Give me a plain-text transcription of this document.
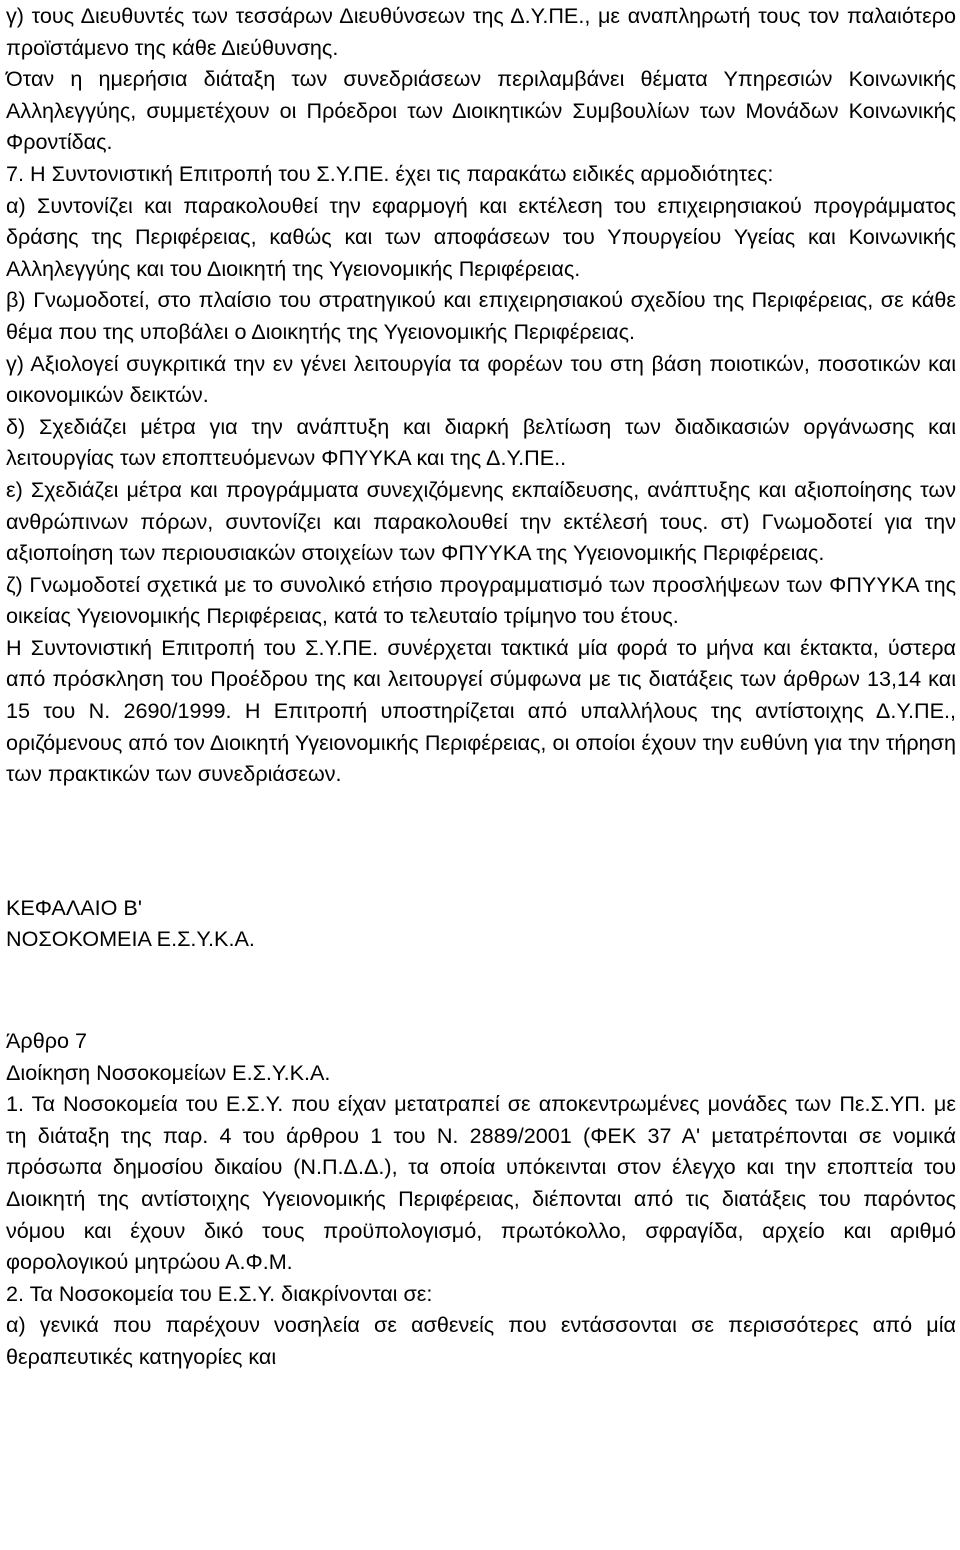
γ) τους Διευθυντές των τεσσάρων Διευθύνσεων της Δ.Υ.ΠΕ., με αναπληρωτή τους τον παλαιότερο προϊστάμενο της κάθε Διεύθυνσης.

Όταν η ημερήσια διάταξη των συνεδριάσεων περιλαμβάνει θέματα Υπηρεσιών Κοινωνικής Αλληλεγγύης, συμμετέχουν οι Πρόεδροι των Διοικητικών Συμβουλίων των Μονάδων Κοινωνικής Φροντίδας.

7. Η Συντονιστική Επιτροπή του Σ.Υ.ΠΕ. έχει τις παρακάτω ειδικές αρμοδιότητες:

α) Συντονίζει και παρακολουθεί την εφαρμογή και εκτέλεση του επιχειρησιακού προγράμματος δράσης της Περιφέρειας, καθώς και των αποφάσεων του Υπουργείου Υγείας και Κοινωνικής Αλληλεγγύης και του Διοικητή της Υγειονομικής Περιφέρειας.

β) Γνωμοδοτεί, στο πλαίσιο του στρατηγικού και επιχειρησιακού σχεδίου της Περιφέρειας, σε κάθε θέμα που της υποβάλει ο Διοικητής της Υγειονομικής Περιφέρειας.

γ) Αξιολογεί συγκριτικά την εν γένει λειτουργία τα φορέων του στη βάση ποιοτικών, ποσοτικών και οικονομικών δεικτών.

δ) Σχεδιάζει μέτρα για την ανάπτυξη και διαρκή βελτίωση των διαδικασιών οργάνωσης και λειτουργίας των εποπτευόμενων ΦΠΥΥΚΑ και της Δ.Υ.ΠΕ..

ε) Σχεδιάζει μέτρα και προγράμματα συνεχιζόμενης εκπαίδευσης, ανάπτυξης και αξιοποίησης των ανθρώπινων πόρων, συντονίζει και παρακολουθεί την εκτέλεσή τους. στ) Γνωμοδοτεί για την αξιοποίηση των περιουσιακών στοιχείων των ΦΠΥΥΚΑ της Υγειονομικής Περιφέρειας.

ζ) Γνωμοδοτεί σχετικά με το συνολικό ετήσιο προγραμματισμό των προσλήψεων των ΦΠΥΥΚΑ της οικείας Υγειονομικής Περιφέρειας, κατά το τελευταίο τρίμηνο του έτους.

Η Συντονιστική Επιτροπή του Σ.Υ.ΠΕ. συνέρχεται τακτικά μία φορά το μήνα και έκτακτα, ύστερα από πρόσκληση του Προέδρου της και λειτουργεί σύμφωνα με τις διατάξεις των άρθρων 13,14 και 15 του Ν. 2690/1999. Η Επιτροπή υποστηρίζεται από υπαλλήλους της αντίστοιχης Δ.Υ.ΠΕ., οριζόμενους από τον Διοικητή Υγειονομικής Περιφέρειας, οι οποίοι έχουν την ευθύνη για την τήρηση των πρακτικών των συνεδριάσεων.

ΚΕΦΑΛΑΙΟ Β'
ΝΟΣΟΚΟΜΕΙΑ Ε.Σ.Υ.Κ.Α.
Άρθρο 7
Διοίκηση Νοσοκομείων Ε.Σ.Υ.Κ.Α.

1. Τα Νοσοκομεία του Ε.Σ.Υ. που είχαν μετατραπεί σε αποκεντρωμένες μονάδες των Πε.Σ.ΥΠ. με τη διάταξη της παρ. 4 του άρθρου 1 του Ν. 2889/2001 (ΦΕΚ 37 Α' μετατρέπονται σε νομικά πρόσωπα δημοσίου δικαίου (Ν.Π.Δ.Δ.), τα οποία υπόκεινται στον έλεγχο και την εποπτεία του Διοικητή της αντίστοιχης Υγειονομικής Περιφέρειας, διέπονται από τις διατάξεις του παρόντος νόμου και έχουν δικό τους προϋπολογισμό, πρωτόκολλο, σφραγίδα, αρχείο και αριθμό φορολογικού μητρώου Α.Φ.Μ.

2. Τα Νοσοκομεία του Ε.Σ.Υ. διακρίνονται σε:

α) γενικά που παρέχουν νοσηλεία σε ασθενείς που εντάσσονται σε περισσότερες από μία θεραπευτικές κατηγορίες και
